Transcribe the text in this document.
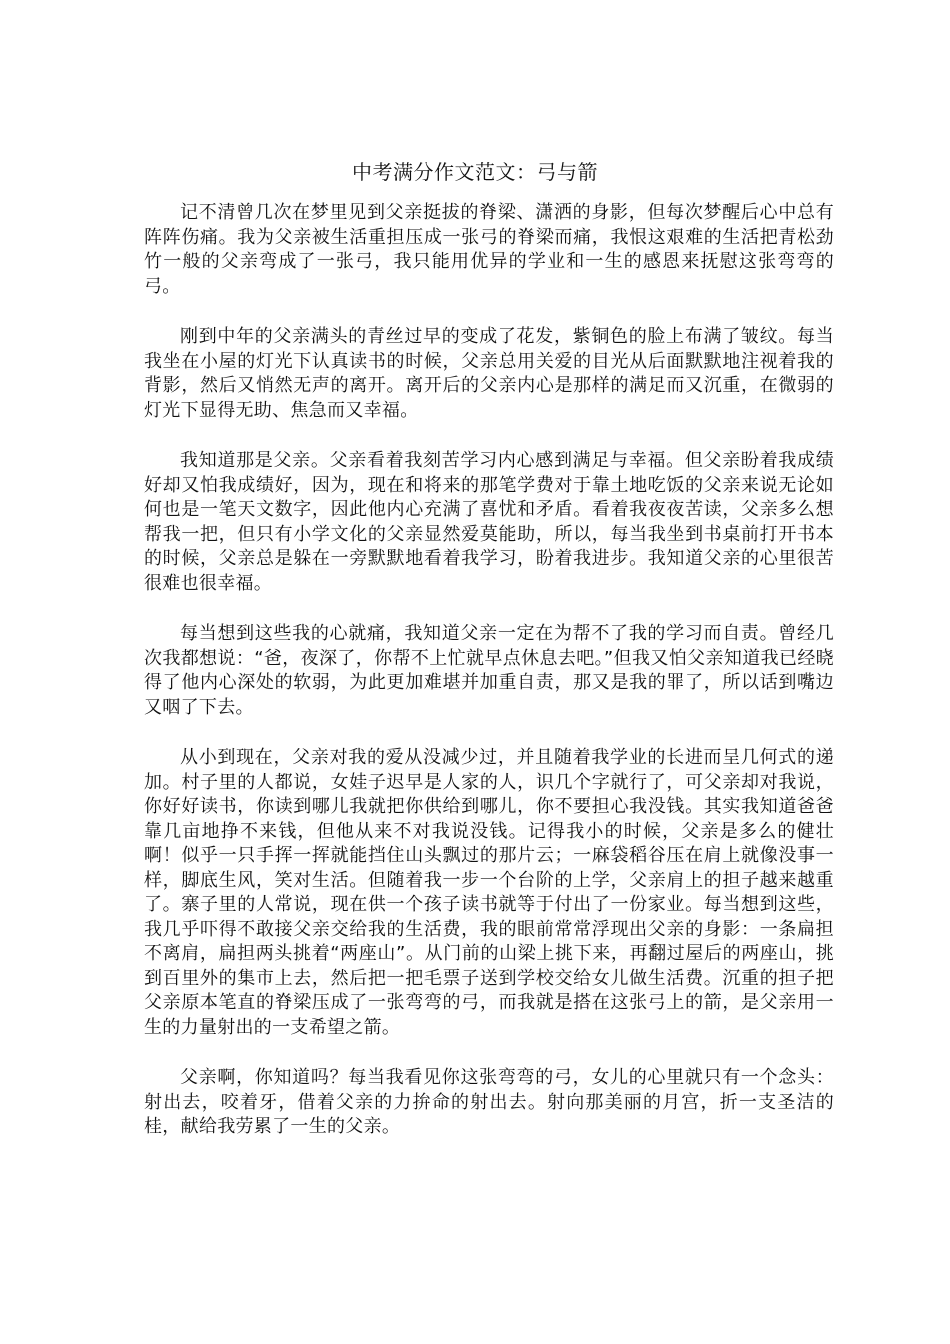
中考满分作文范文：弓与箭

记不清曾几次在梦里见到父亲挺拔的脊梁、潇洒的身影，但每次梦醒后心中总有阵阵伤痛。我为父亲被生活重担压成一张弓的脊梁而痛，我恨这艰难的生活把青松劲竹一般的父亲弯成了一张弓，我只能用优异的学业和一生的感恩来抚慰这张弯弯的弓。

刚到中年的父亲满头的青丝过早的变成了花发，紫铜色的脸上布满了皱纹。每当我坐在小屋的灯光下认真读书的时候，父亲总用关爱的目光从后面默默地注视着我的背影，然后又悄然无声的离开。离开后的父亲内心是那样的满足而又沉重，在微弱的灯光下显得无助、焦急而又幸福。

我知道那是父亲。父亲看着我刻苦学习内心感到满足与幸福。但父亲盼着我成绩好却又怕我成绩好，因为，现在和将来的那笔学费对于靠土地吃饭的父亲来说无论如何也是一笔天文数字，因此他内心充满了喜忧和矛盾。看着我夜夜苦读，父亲多么想帮我一把，但只有小学文化的父亲显然爱莫能助，所以，每当我坐到书桌前打开书本的时候，父亲总是躲在一旁默默地看着我学习，盼着我进步。我知道父亲的心里很苦很难也很幸福。

每当想到这些我的心就痛，我知道父亲一定在为帮不了我的学习而自责。曾经几次我都想说：“爸，夜深了，你帮不上忙就早点休息去吧。”但我又怕父亲知道我已经晓得了他内心深处的软弱，为此更加难堪并加重自责，那又是我的罪了，所以话到嘴边又咽了下去。

从小到现在，父亲对我的爱从没减少过，并且随着我学业的长进而呈几何式的递加。村子里的人都说，女娃子迟早是人家的人，识几个字就行了，可父亲却对我说，你好好读书，你读到哪儿我就把你供给到哪儿，你不要担心我没钱。其实我知道爸爸靠几亩地挣不来钱，但他从来不对我说没钱。记得我小的时候，父亲是多么的健壮啊！似乎一只手挥一挥就能挡住山头飘过的那片云；一麻袋稻谷压在肩上就像没事一样，脚底生风，笑对生活。但随着我一步一个台阶的上学，父亲肩上的担子越来越重了。寨子里的人常说，现在供一个孩子读书就等于付出了一份家业。每当想到这些，我几乎吓得不敢接父亲交给我的生活费，我的眼前常常浮现出父亲的身影：一条扁担不离肩，扁担两头挑着“两座山”。从门前的山梁上挑下来，再翻过屋后的两座山，挑到百里外的集市上去，然后把一把毛票子送到学校交给女儿做生活费。沉重的担子把父亲原本笔直的脊梁压成了一张弯弯的弓，而我就是搭在这张弓上的箭，是父亲用一生的力量射出的一支希望之箭。

父亲啊，你知道吗？每当我看见你这张弯弯的弓，女儿的心里就只有一个念头：射出去，咬着牙，借着父亲的力拚命的射出去。射向那美丽的月宫，折一支圣洁的桂，献给我劳累了一生的父亲。
